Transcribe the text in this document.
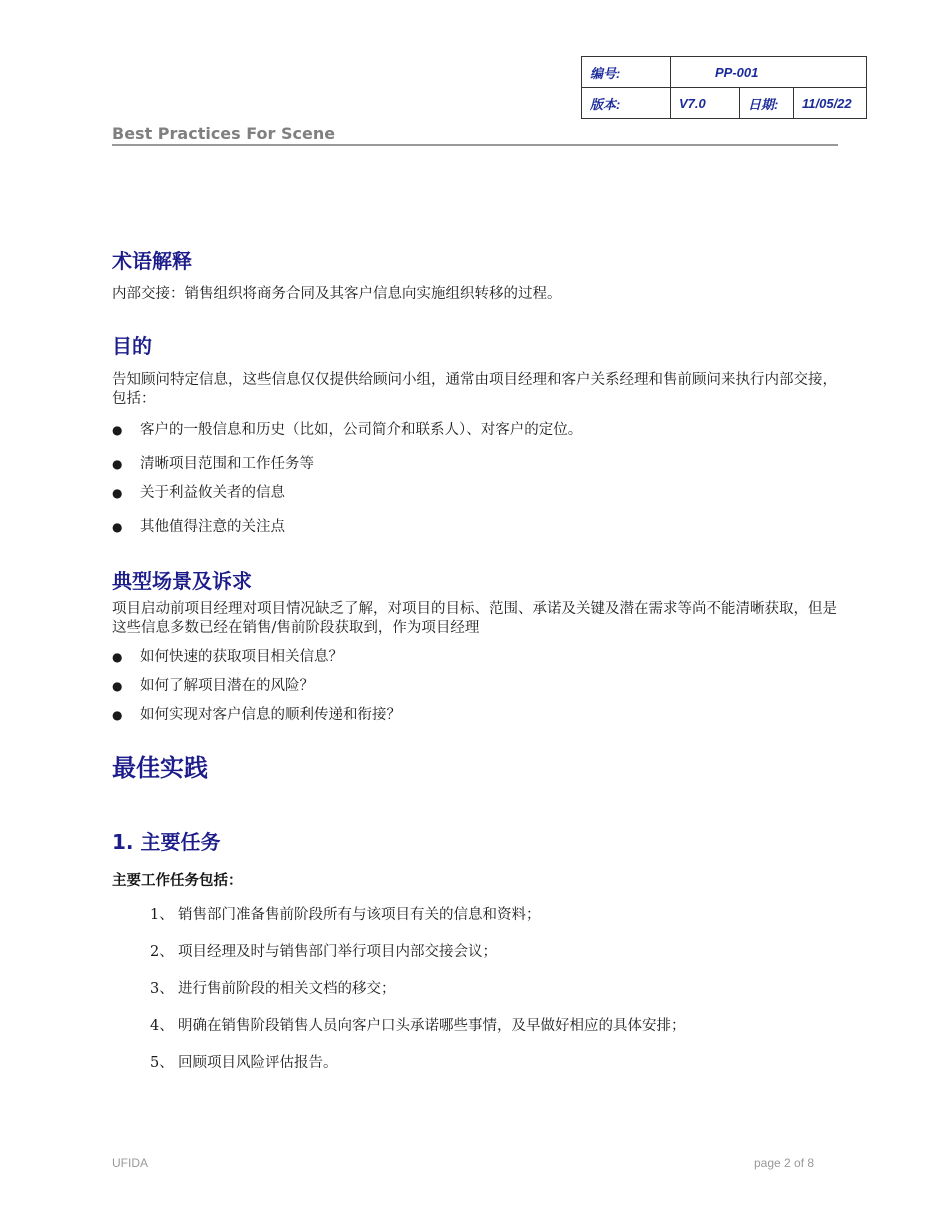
编号:	PP-001		
版本:	V7.0	日期:	11/05/22
Best Practices For Scene
术语解释

内部交接：销售组织将商务合同及其客户信息向实施组织转移的过程。

目的

告知顾问特定信息，这些信息仅仅提供给顾问小组，通常由项目经理和客户关系经理和售前顾问来执行内部交接，包括：

● 客户的一般信息和历史（比如，公司简介和联系人）、对客户的定位。
● 清晰项目范围和工作任务等
● 关于利益攸关者的信息
● 其他值得注意的关注点
典型场景及诉求

项目启动前项目经理对项目情况缺乏了解，对项目的目标、范围、承诺及关键及潜在需求等尚不能清晰获取，但是这些信息多数已经在销售/售前阶段获取到，作为项目经理

● 如何快速的获取项目相关信息？
● 如何了解项目潜在的风险？
● 如何实现对客户信息的顺利传递和衔接？
最佳实践
1. 主要任务
主要工作任务包括：
1、 销售部门准备售前阶段所有与该项目有关的信息和资料；
2、 项目经理及时与销售部门举行项目内部交接会议；
3、 进行售前阶段的相关文档的移交；
4、 明确在销售阶段销售人员向客户口头承诺哪些事情，及早做好相应的具体安排；
5、 回顾项目风险评估报告。
UFIDA	page 2 of 8
